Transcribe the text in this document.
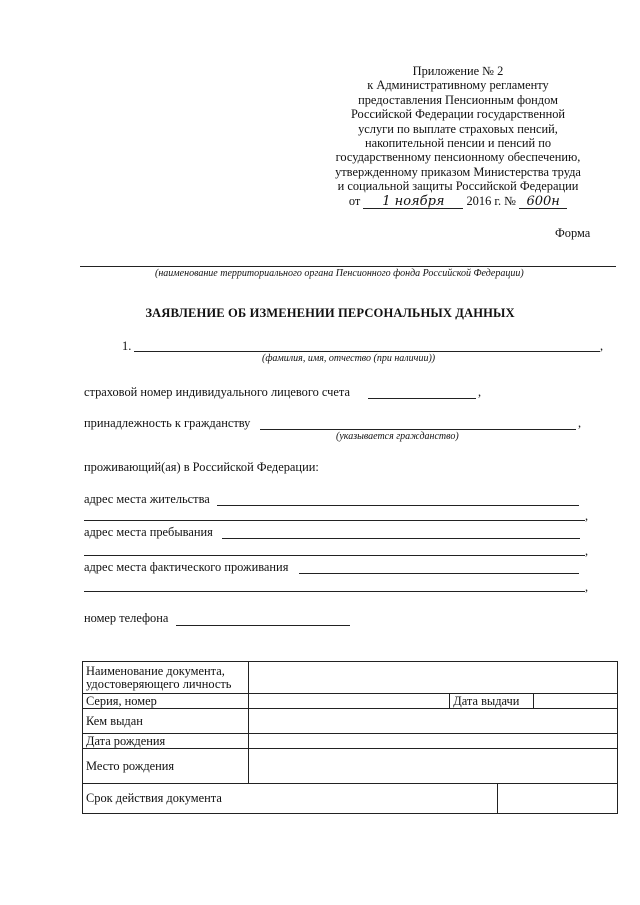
Приложение № 2
к Административному регламенту
предоставления Пенсионным фондом
Российской Федерации государственной
услуги по выплате страховых пенсий,
накопительной пенсии и пенсий по
государственному пенсионному обеспечению,
утвержденному приказом Министерства труда
и социальной защиты Российской Федерации
от 1 ноября 2016 г. № 600н
Форма
(наименование территориального органа Пенсионного фонда Российской Федерации)
ЗАЯВЛЕНИЕ ОБ ИЗМЕНЕНИИ ПЕРСОНАЛЬНЫХ ДАННЫХ
1.	,
(фамилия, имя, отчество (при наличии))
страховой номер индивидуального лицевого счета	,
принадлежность к гражданству	,
(указывается гражданство)
проживающий(ая) в Российской Федерации:
адрес места жительства
,
адрес места пребывания
,
адрес места фактического проживания
,
номер телефона
Наименование документа, удостоверяющего личность				
Серия, номер		Дата выдачи		
Кем выдан				
Дата рождения				
Место рождения				
Срок действия документа				
